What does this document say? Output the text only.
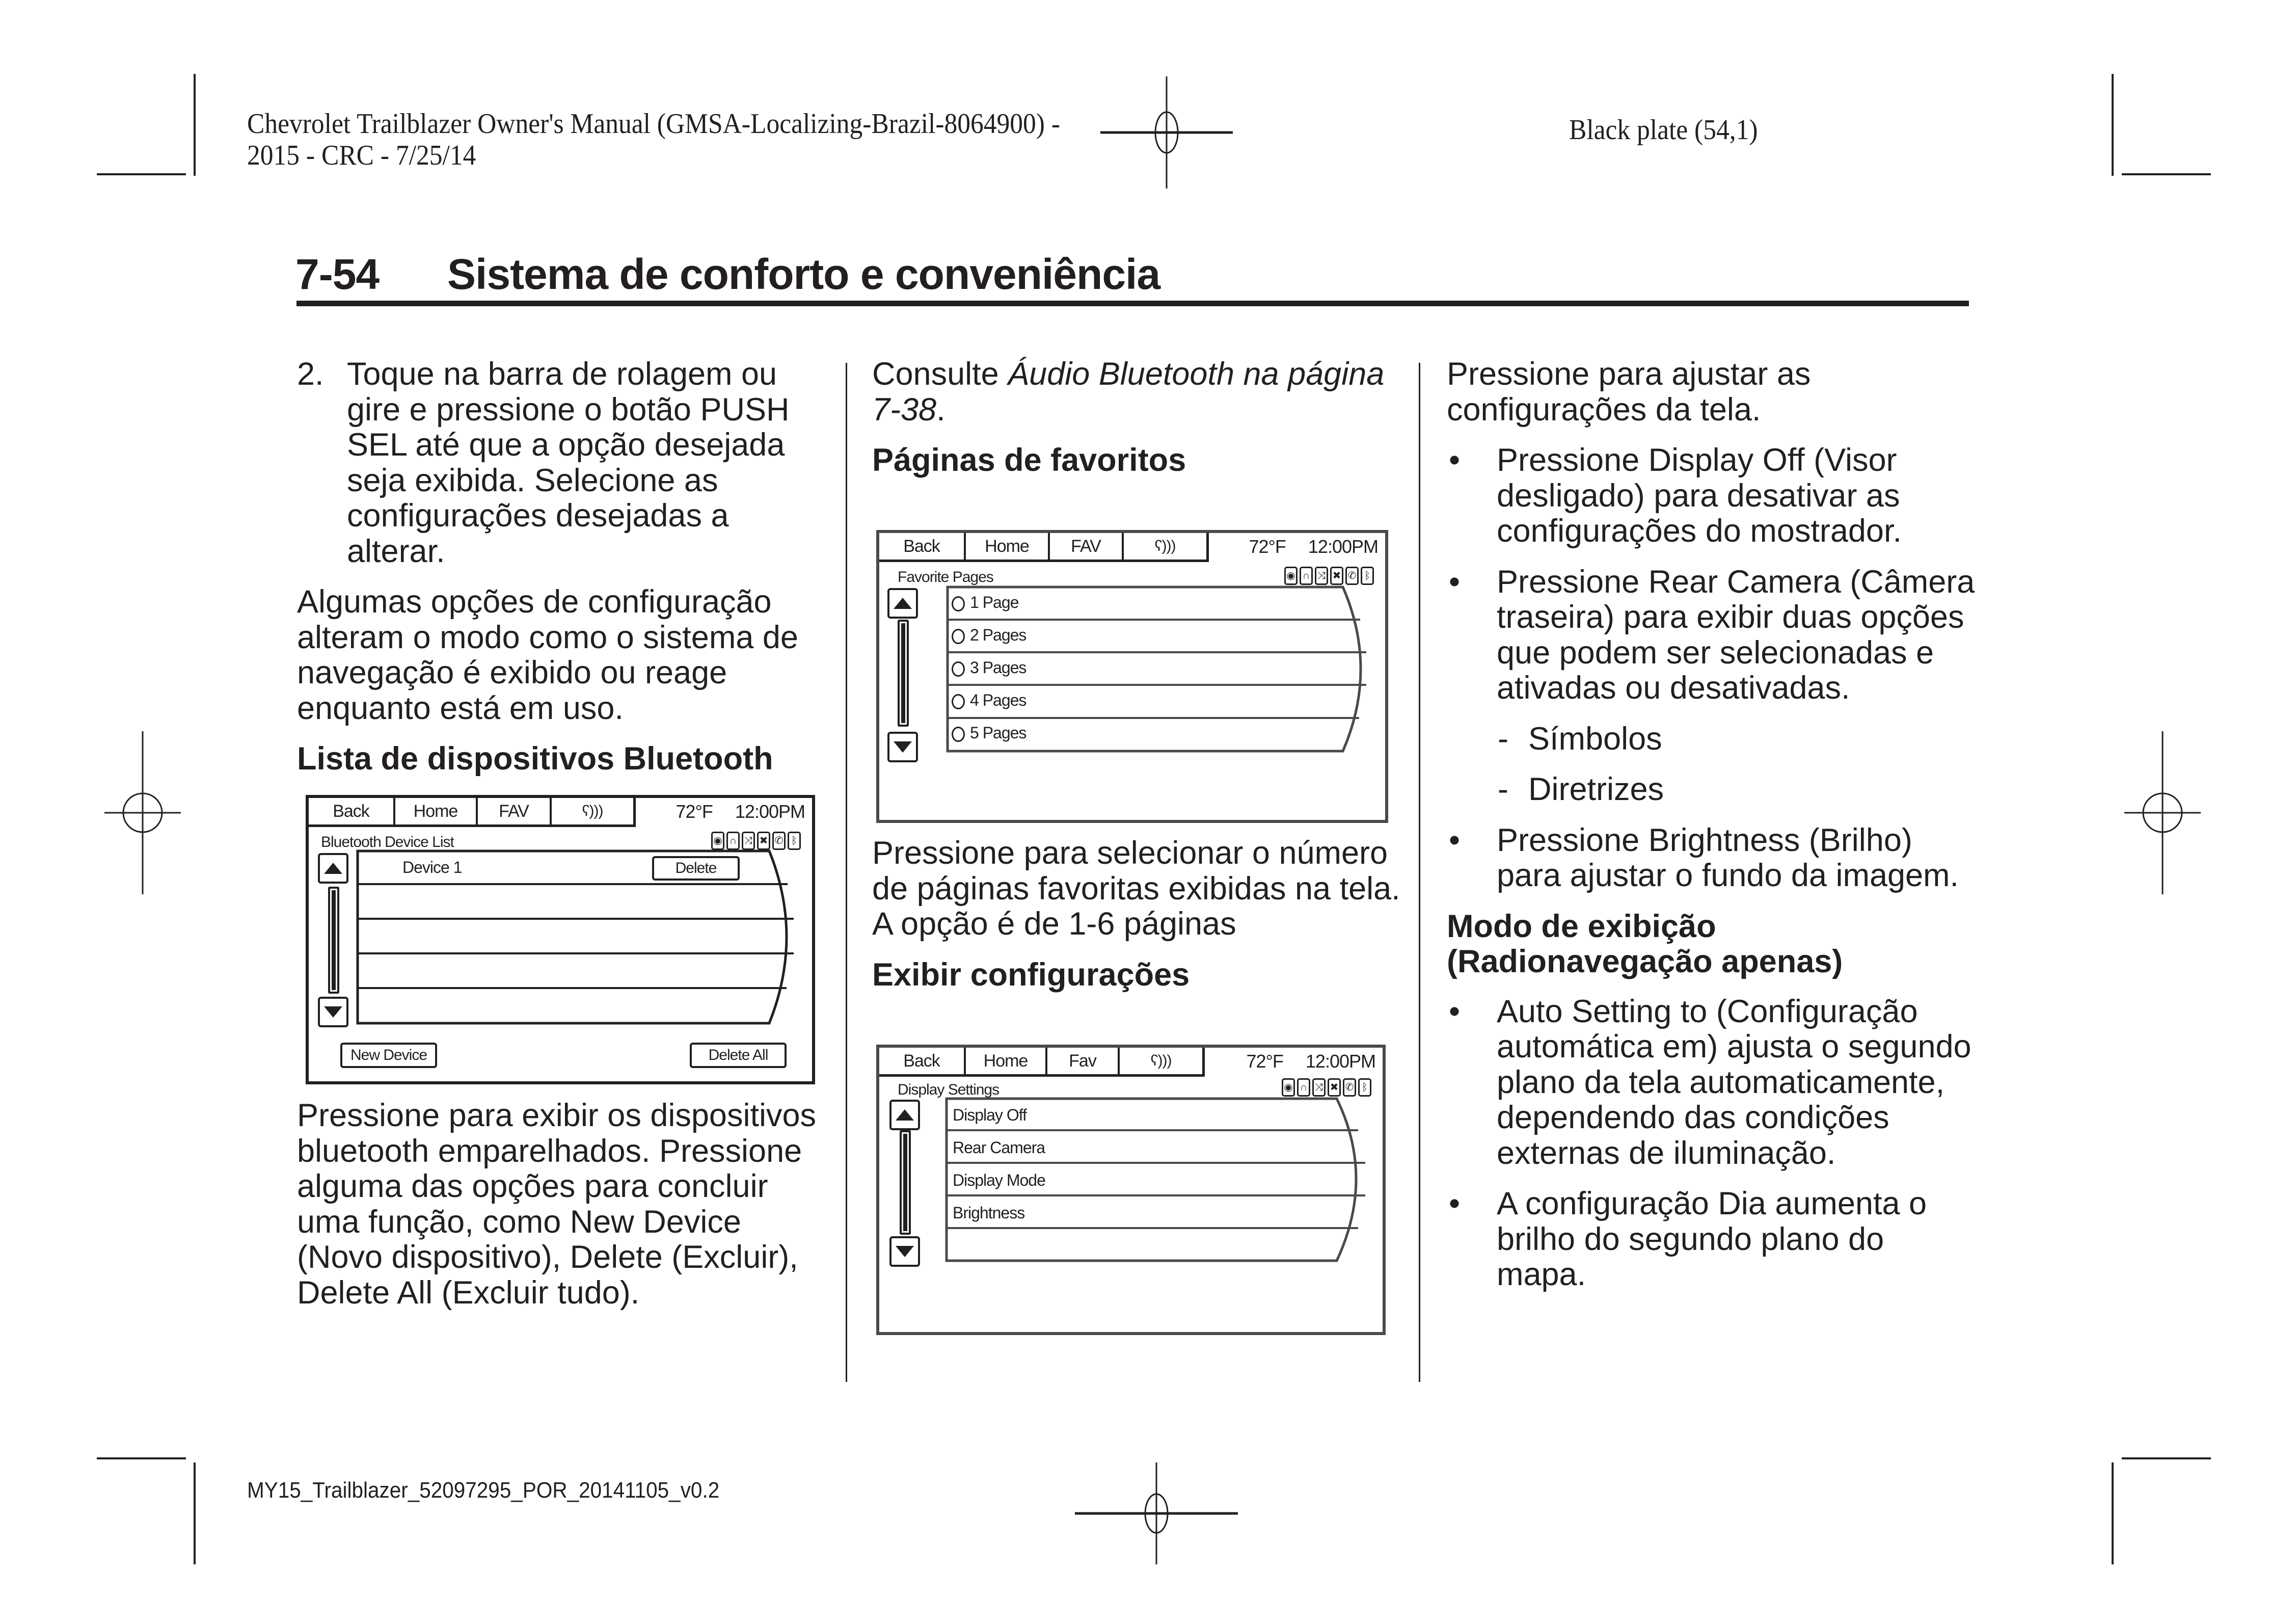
Chevrolet Trailblazer Owner's Manual (GMSA-Localizing-Brazil-8064900) -
2015 - CRC - 7/25/14
Black plate (54,1)
7-54 Sistema de conforto e conveniência
2. Toque na barra de rolagem ou gire e pressione o botão PUSH SEL até que a opção desejada seja exibida. Selecione as configurações desejadas a alterar.

Algumas opções de configuração alteram o modo como o sistema de navegação é exibido ou reage enquanto está em uso.

Lista de dispositivos Bluetooth
Back	Home	FAV	ʕ)))	72°F 12:00PM
Bluetooth Device List	◉ ∩ ⤨ ✖ ✆ ᛒ
Device 1	Delete
New Device	Delete All

Pressione para exibir os dispositivos bluetooth emparelhados. Pressione alguma das opções para concluir uma função, como New Device (Novo dispositivo), Delete (Excluir), Delete All (Excluir tudo).

Consulte Áudio Bluetooth na página 7-38.

Páginas de favoritos
Back	Home	FAV	ʕ)))	72°F 12:00PM
Favorite Pages	◉ ∩ ⤨ ✖ ✆ ᛒ
1 Page
2 Pages
3 Pages
4 Pages
5 Pages

Pressione para selecionar o número de páginas favoritas exibidas na tela. A opção é de 1-6 páginas

Exibir configurações
Back	Home	Fav	ʕ)))	72°F 12:00PM
Display Settings	◉ ∩ ⤨ ✖ ✆ ᛒ
Display Off
Rear Camera
Display Mode
Brightness

Pressione para ajustar as configurações da tela.

• Pressione Display Off (Visor desligado) para desativar as configurações do mostrador.
• Pressione Rear Camera (Câmera traseira) para exibir duas opções que podem ser selecionadas e ativadas ou desativadas.
- Símbolos
- Diretrizes
• Pressione Brightness (Brilho) para ajustar o fundo da imagem.
Modo de exibição (Radionavegação apenas)
• Auto Setting to (Configuração automática em) ajusta o segundo plano da tela automaticamente, dependendo das condições externas de iluminação.
• A configuração Dia aumenta o brilho do segundo plano do mapa.
MY15_Trailblazer_52097295_POR_20141105_v0.2
